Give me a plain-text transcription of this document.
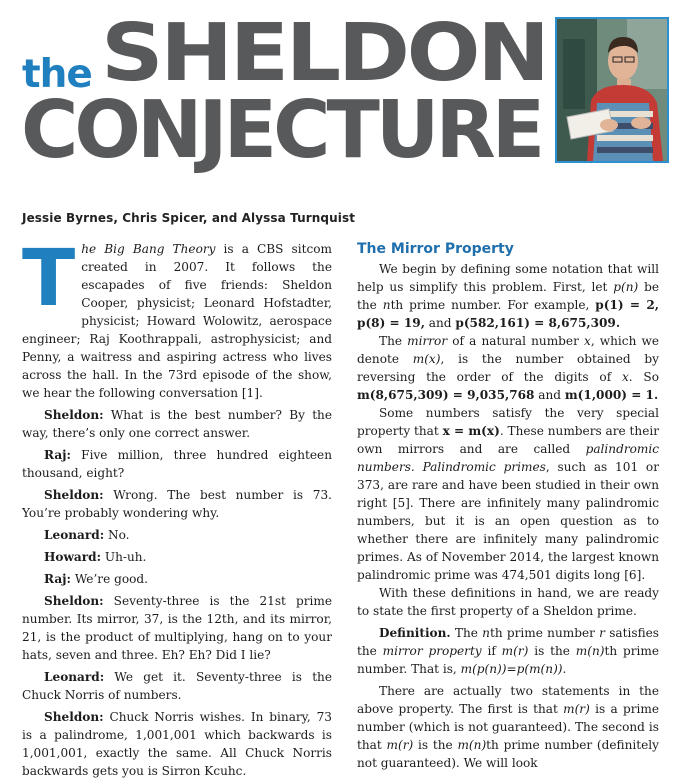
the SHELDON
CONJECTURE
Jessie Byrnes, Chris Spicer, and Alyssa Turnquist

The Big Bang Theory is a CBS sitcom created in 2007. It follows the escapades of five friends: Sheldon Cooper, physicist; Leonard Hofstadter, physicist; Howard Wolowitz, aerospace engineer; Raj Koothrappali, astrophysicist; and Penny, a waitress and aspiring actress who lives across the hall. In the 73rd episode of the show, we hear the following conversation [1].

Sheldon: What is the best number? By the way, there’s only one correct answer.

Raj: Five million, three hundred eighteen thousand, eight?

Sheldon: Wrong. The best number is 73. You’re probably wondering why.

Leonard: No.

Howard: Uh-uh.

Raj: We’re good.

Sheldon: Seventy-three is the 21st prime number. Its mirror, 37, is the 12th, and its mirror, 21, is the product of multiplying, hang on to your hats, seven and three. Eh? Eh? Did I lie?

Leonard: We get it. Seventy-three is the Chuck Norris of numbers.

Sheldon: Chuck Norris wishes. In binary, 73 is a palindrome, 1,001,001 which backwards is 1,001,001, exactly the same. All Chuck Norris backwards gets you is Sirron Kcuhc.

The Mirror Property

We begin by defining some notation that will help us simplify this problem. First, let p(n) be the nth prime number. For example, p(1) = 2, p(8) = 19, and p(582,161) = 8,675,309.

The mirror of a natural number x, which we denote m(x), is the number obtained by reversing the order of the digits of x. So m(8,675,309) = 9,035,768 and m(1,000) = 1.

Some numbers satisfy the very special property that x = m(x). These numbers are their own mirrors and are called palindromic numbers. Palindromic primes, such as 101 or 373, are rare and have been studied in their own right [5]. There are infinitely many palindromic numbers, but it is an open question as to whether there are infinitely many palindromic primes. As of November 2014, the largest known palindromic prime was 474,501 digits long [6].

With these definitions in hand, we are ready to state the first property of a Sheldon prime.

Definition. The nth prime number r satisfies the mirror property if m(r) is the m(n)th prime number. That is, m(p(n))=p(m(n)).

There are actually two statements in the above property. The first is that m(r) is a prime number (which is not guaranteed). The second is that m(r) is the m(n)th prime number (definitely not guaranteed). We will look
